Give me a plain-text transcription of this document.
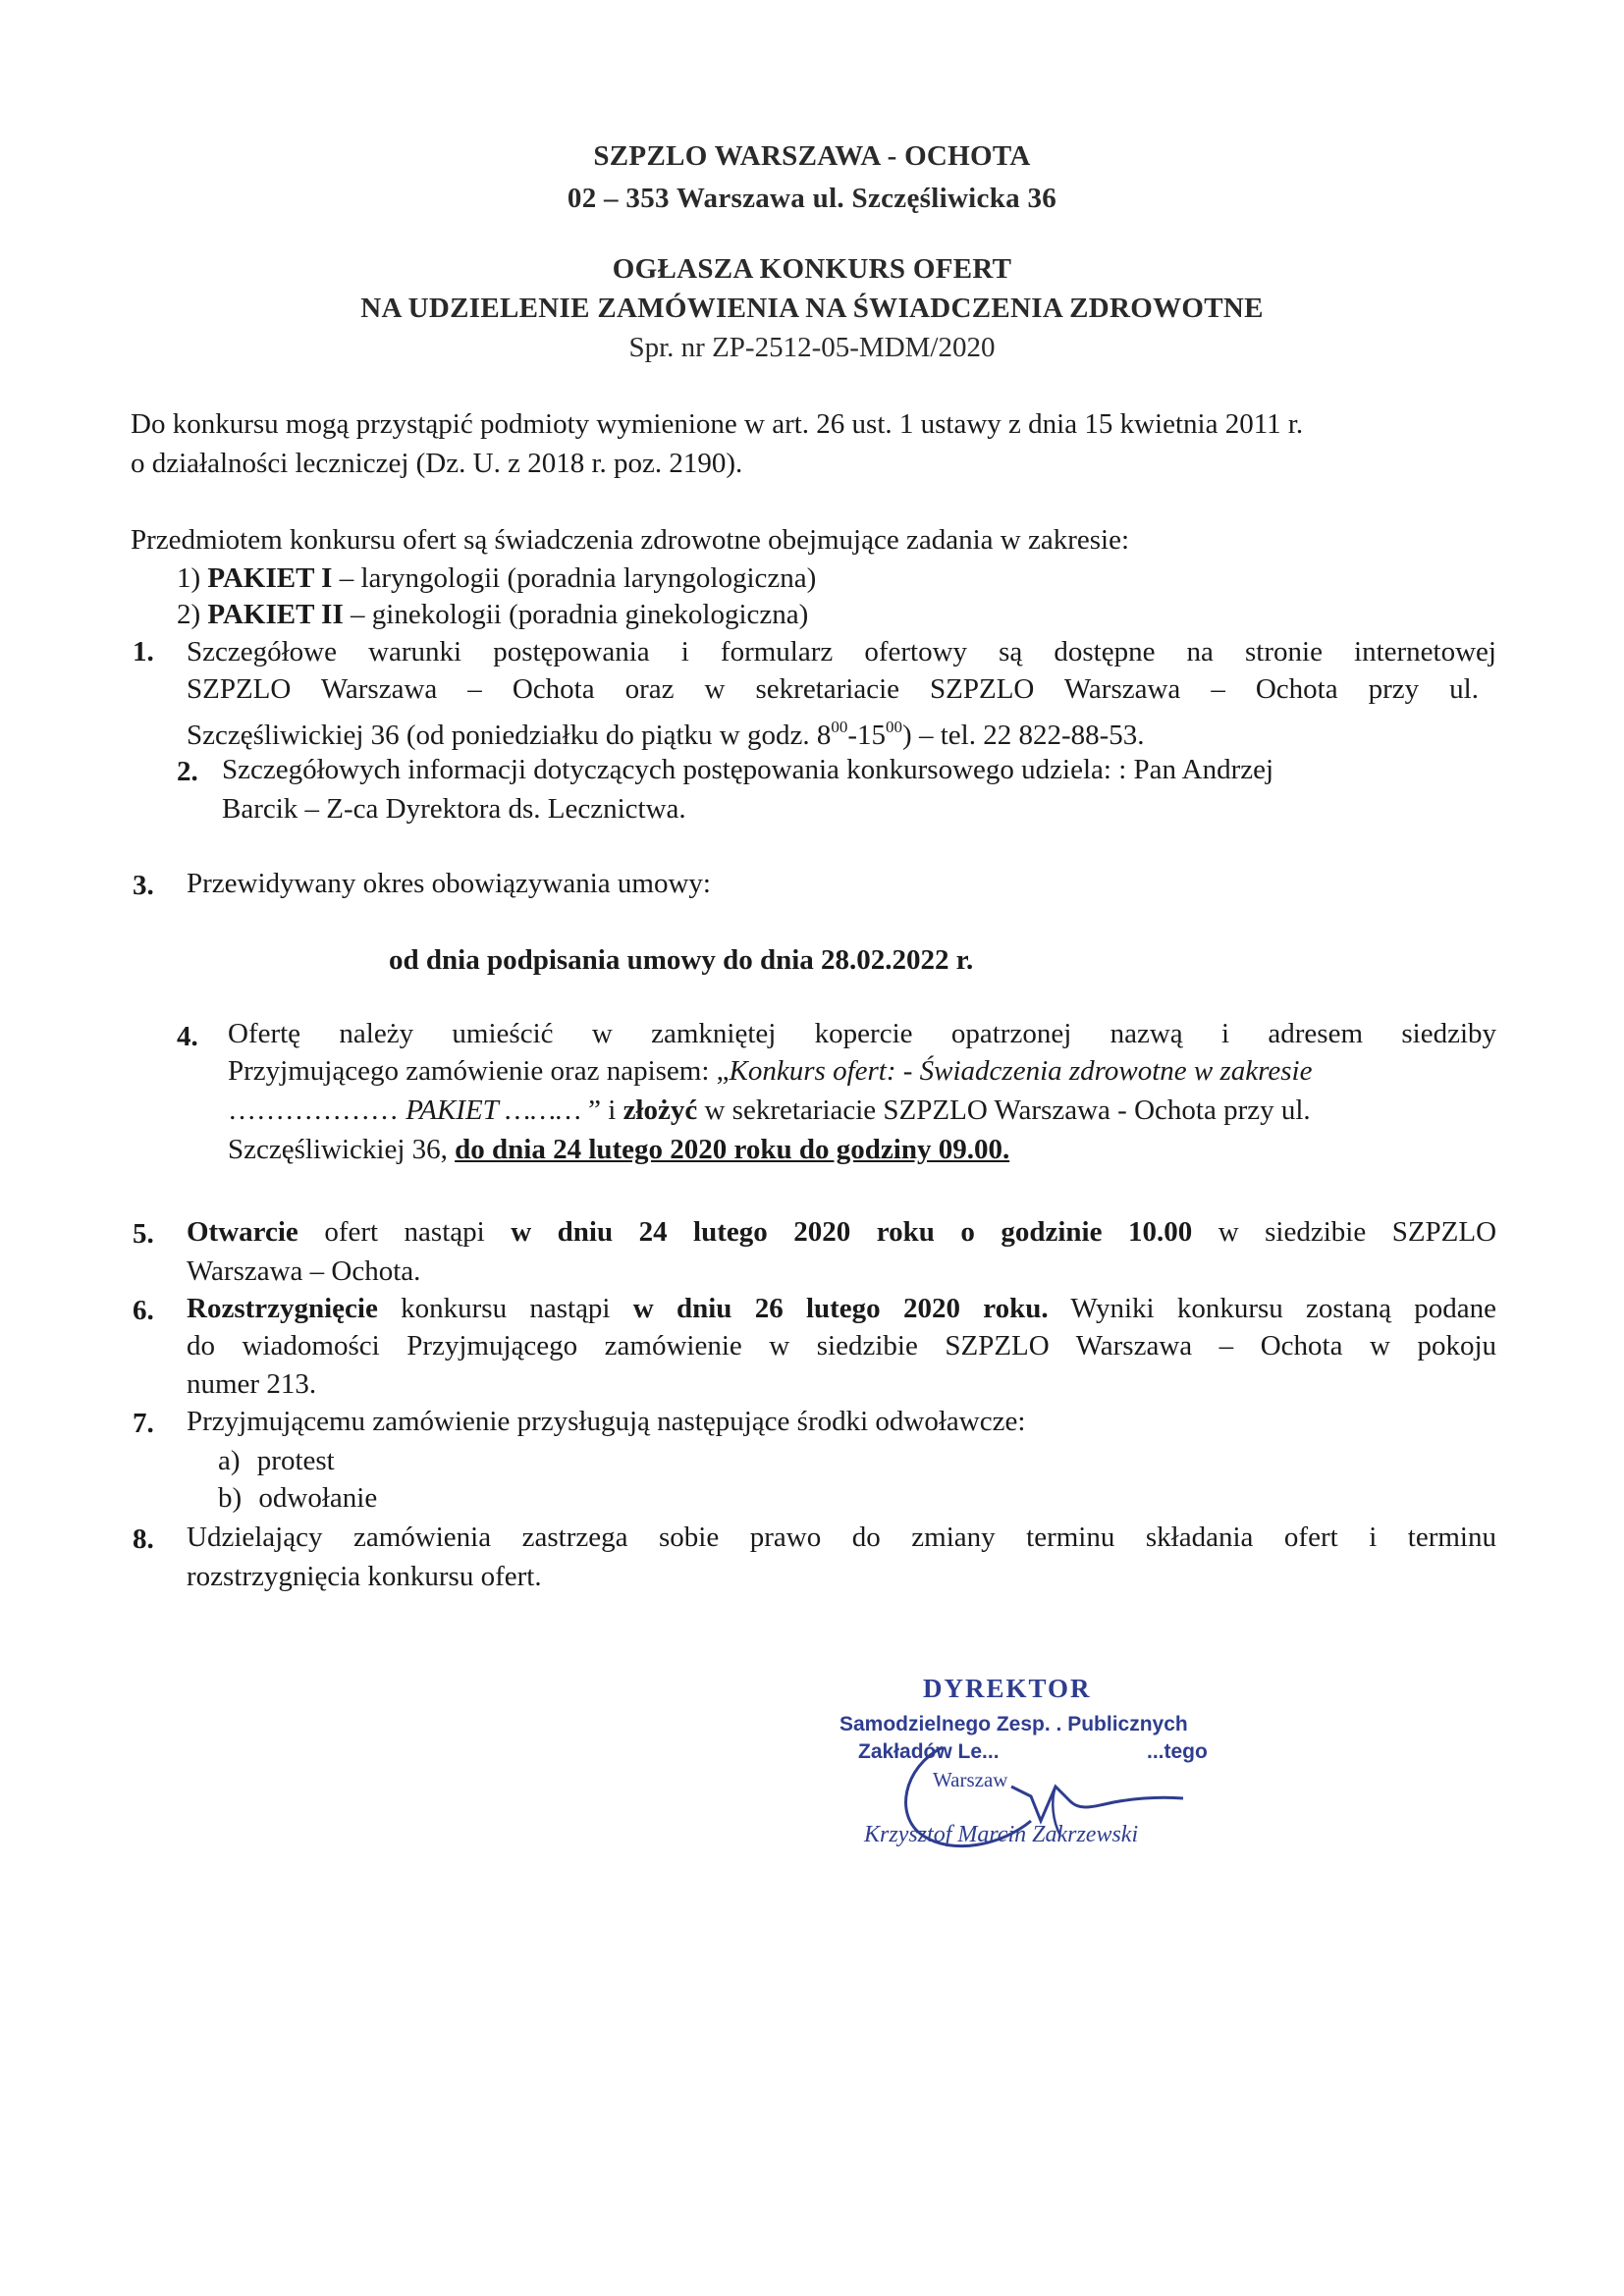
SZPZLO WARSZAWA - OCHOTA
02 – 353 Warszawa ul. Szczęśliwicka 36
OGŁASZA KONKURS OFERT
NA UDZIELENIE ZAMÓWIENIA NA ŚWIADCZENIA ZDROWOTNE
Spr. nr ZP-2512-05-MDM/2020
Do konkursu mogą przystąpić podmioty wymienione w art. 26 ust. 1 ustawy z dnia 15 kwietnia 2011 r.
o działalności leczniczej (Dz. U. z 2018 r. poz. 2190).
Przedmiotem konkursu ofert są świadczenia zdrowotne obejmujące zadania w zakresie:
1) PAKIET I – laryngologii (poradnia laryngologiczna)
2) PAKIET II – ginekologii (poradnia ginekologiczna)
1. Szczegółowe warunki postępowania i formularz ofertowy są dostępne na stronie internetowej
SZPZLO Warszawa – Ochota oraz w sekretariacie SZPZLO Warszawa – Ochota przy ul.
Szczęśliwickiej 36 (od poniedziałku do piątku w godz. $8^{00}-15^{00}$) – tel. 22 822-88-53.
2. Szczegółowych informacji dotyczących postępowania konkursowego udziela: : Pan Andrzej
Barcik – Z-ca Dyrektora ds. Lecznictwa.
3. Przewidywany okres obowiązywania umowy:
od dnia podpisania umowy do dnia 28.02.2022 r.
4. Ofertę należy umieścić w zamkniętej kopercie opatrzonej nazwą i adresem siedziby
Przyjmującego zamówienie oraz napisem: „Konkurs ofert: - Świadczenia zdrowotne w zakresie
……………… PAKIET ……… ” i złożyć w sekretariacie SZPZLO Warszawa - Ochota przy ul.
Szczęśliwickiej 36, do dnia 24 lutego 2020 roku do godziny 09.00.
5. Otwarcie ofert nastąpi w dniu 24 lutego 2020 roku o godzinie 10.00 w siedzibie SZPZLO
Warszawa – Ochota.
6. Rozstrzygnięcie konkursu nastąpi w dniu 26 lutego 2020 roku. Wyniki konkursu zostaną podane
do wiadomości Przyjmującego zamówienie w siedzibie SZPZLO Warszawa – Ochota w pokoju
numer 213.
7. Przyjmującemu zamówienie przysługują następujące środki odwoławcze:
a) protest
b) odwołanie
8. Udzielający zamówienia zastrzega sobie prawo do zmiany terminu składania ofert i terminu
rozstrzygnięcia konkursu ofert.
DYREKTOR
Samodzielnego Zesp. . Publicznych
Zakładów Le...	...tego
Warszaw
Krzysztof Marcin Zakrzewski
